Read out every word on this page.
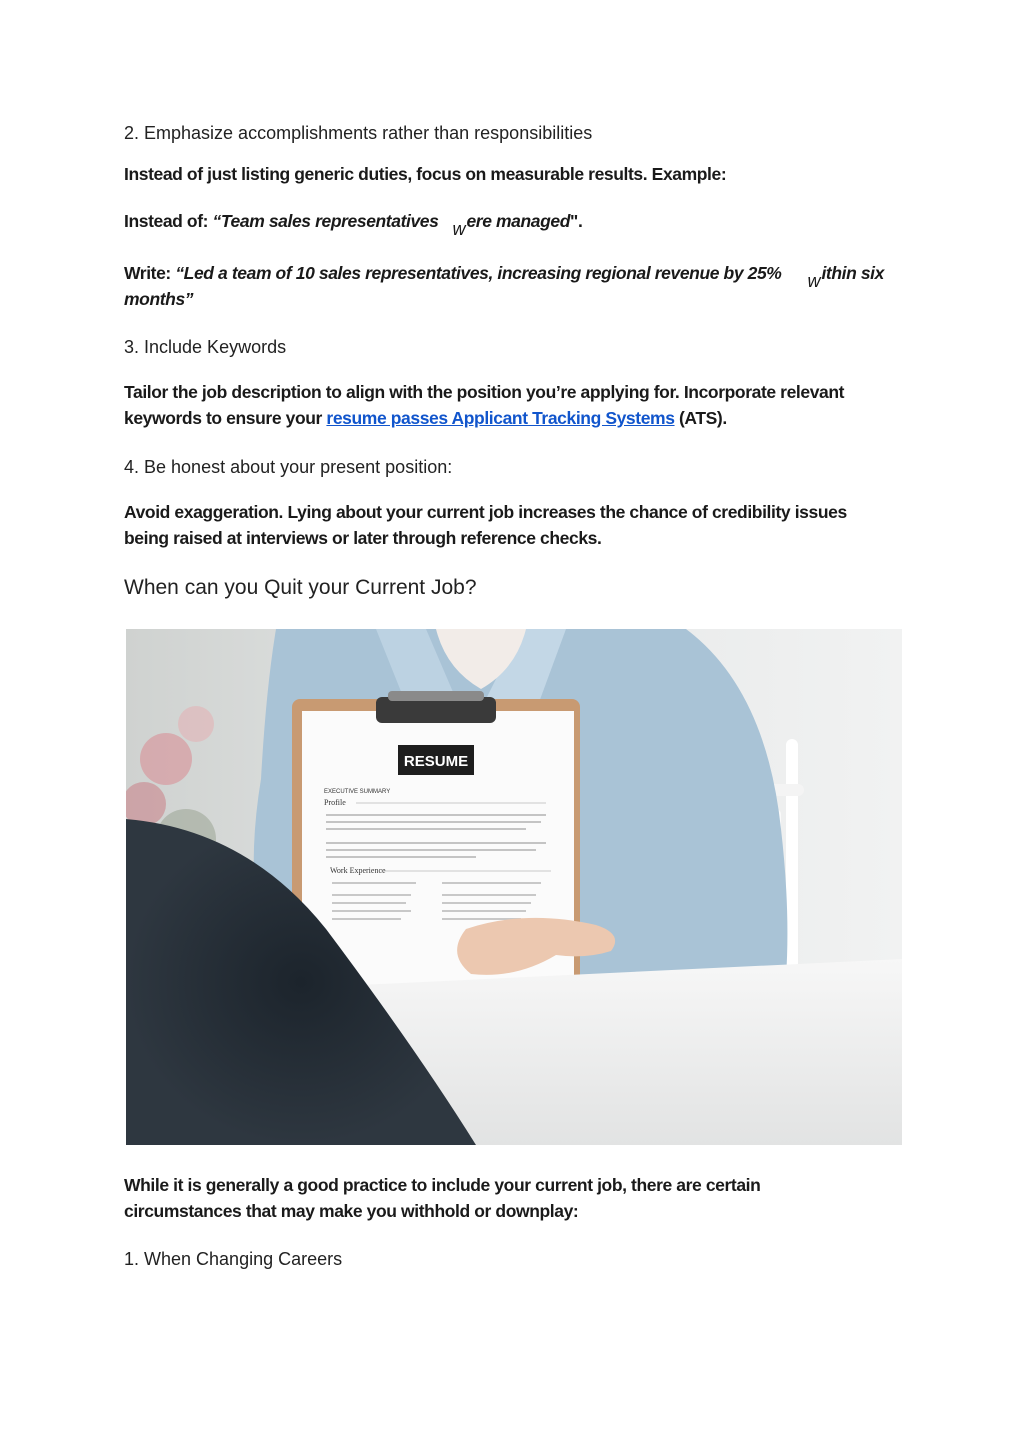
2. Emphasize accomplishments rather than responsibilities
Instead of just listing generic duties, focus on measurable results. Example:
Instead of: “Team sales representatives were managed".
Write: “Led a team of 10 sales representatives, increasing regional revenue by 25% within six
months”
3. Include Keywords
Tailor the job description to align with the position you’re applying for. Incorporate relevant
keywords to ensure your resume passes Applicant Tracking Systems (ATS).
4. Be honest about your present position:
Avoid exaggeration. Lying about your current job increases the chance of credibility issues
being raised at interviews or later through reference checks.
When can you Quit your Current Job?
RESUME
EXECUTIVE SUMMARY
Profile
Work Experience
While it is generally a good practice to include your current job, there are certain
circumstances that may make you withhold or downplay:
1. When Changing Careers
